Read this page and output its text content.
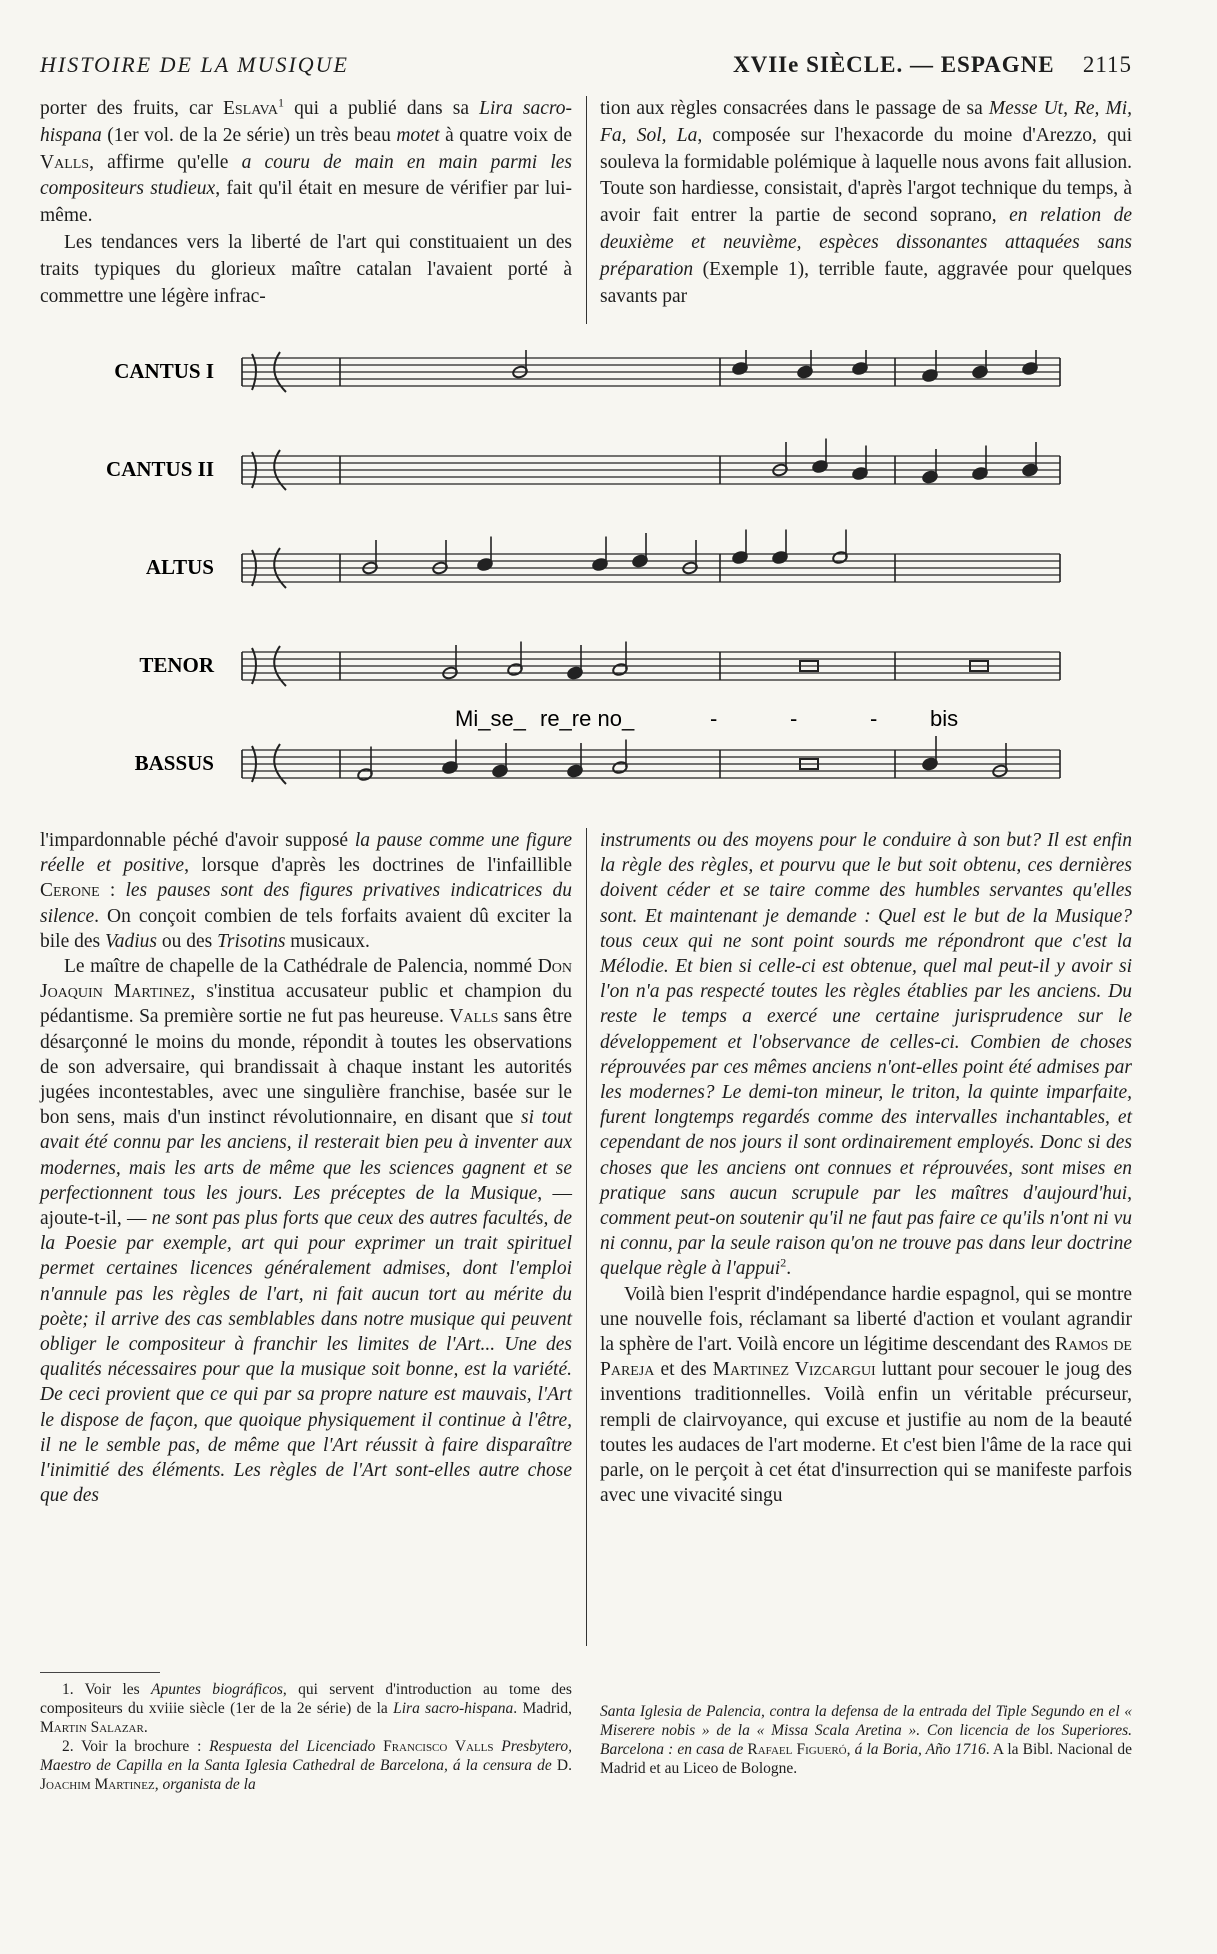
HISTOIRE DE LA MUSIQUE	XVIIe SIÈCLE. — ESPAGNE 2115

porter des fruits, car Eslava$^1$ qui a publié dans sa Lira sacro-hispana (1er vol. de la 2e série) un très beau motet à quatre voix de Valls, affirme qu'elle a couru de main en main parmi les compositeurs studieux, fait qu'il était en mesure de vérifier par lui-même.

Les tendances vers la liberté de l'art qui constituaient un des traits typiques du glorieux maître catalan l'avaient porté à commettre une légère infrac-

tion aux règles consacrées dans le passage de sa Messe Ut, Re, Mi, Fa, Sol, La, composée sur l'hexacorde du moine d'Arezzo, qui souleva la formidable polémique à laquelle nous avons fait allusion. Toute son hardiesse, consistait, d'après l'argot technique du temps, à avoir fait entrer la partie de second soprano, en relation de deuxième et neuvième, espèces dissonantes attaquées sans préparation (Exemple 1), terrible faute, aggravée pour quelques savants par

CANTUS I
CANTUS II
ALTUS
TENOR
BASSUS
Mi_se_ re_re no_	-	-	- bis

l'impardonnable péché d'avoir supposé la pause comme une figure réelle et positive, lorsque d'après les doctrines de l'infaillible Cerone : les pauses sont des figures privatives indicatrices du silence. On conçoit combien de tels forfaits avaient dû exciter la bile des Vadius ou des Trisotins musicaux.

Le maître de chapelle de la Cathédrale de Palencia, nommé Don Joaquin Martinez, s'institua accusateur public et champion du pédantisme. Sa première sortie ne fut pas heureuse. Valls sans être désarçonné le moins du monde, répondit à toutes les observations de son adversaire, qui brandissait à chaque instant les autorités jugées incontestables, avec une singulière franchise, basée sur le bon sens, mais d'un instinct révolutionnaire, en disant que si tout avait été connu par les anciens, il resterait bien peu à inventer aux modernes, mais les arts de même que les sciences gagnent et se perfectionnent tous les jours. Les préceptes de la Musique, — ajoute-t-il, — ne sont pas plus forts que ceux des autres facultés, de la Poesie par exemple, art qui pour exprimer un trait spirituel permet certaines licences généralement admises, dont l'emploi n'annule pas les règles de l'art, ni fait aucun tort au mérite du poète; il arrive des cas semblables dans notre musique qui peuvent obliger le compositeur à franchir les limites de l'Art... Une des qualités nécessaires pour que la musique soit bonne, est la variété. De ceci provient que ce qui par sa propre nature est mauvais, l'Art le dispose de façon, que quoique physiquement il continue à l'être, il ne le semble pas, de même que l'Art réussit à faire disparaître l'inimitié des éléments. Les règles de l'Art sont-elles autre chose que des

instruments ou des moyens pour le conduire à son but? Il est enfin la règle des règles, et pourvu que le but soit obtenu, ces dernières doivent céder et se taire comme des humbles servantes qu'elles sont. Et maintenant je demande : Quel est le but de la Musique? tous ceux qui ne sont point sourds me répondront que c'est la Mélodie. Et bien si celle-ci est obtenue, quel mal peut-il y avoir si l'on n'a pas respecté toutes les règles établies par les anciens. Du reste le temps a exercé une certaine jurisprudence sur le développement et l'observance de celles-ci. Combien de choses réprouvées par ces mêmes anciens n'ont-elles point été admises par les modernes? Le demi-ton mineur, le triton, la quinte imparfaite, furent longtemps regardés comme des intervalles inchantables, et cependant de nos jours il sont ordinairement employés. Donc si des choses que les anciens ont connues et réprouvées, sont mises en pratique sans aucun scrupule par les maîtres d'aujourd'hui, comment peut-on soutenir qu'il ne faut pas faire ce qu'ils n'ont ni vu ni connu, par la seule raison qu'on ne trouve pas dans leur doctrine quelque règle à l'appui$^2$.

Voilà bien l'esprit d'indépendance hardie espagnol, qui se montre une nouvelle fois, réclamant sa liberté d'action et voulant agrandir la sphère de l'art. Voilà encore un légitime descendant des Ramos de Pareja et des Martinez Vizcargui luttant pour secouer le joug des inventions traditionnelles. Voilà enfin un véritable précurseur, rempli de clairvoyance, qui excuse et justifie au nom de la beauté toutes les audaces de l'art moderne. Et c'est bien l'âme de la race qui parle, on le perçoit à cet état d'insurrection qui se manifeste parfois avec une vivacité singu

1. Voir les Apuntes biográficos, qui servent d'introduction au tome des compositeurs du xviiie siècle (1er de la 2e série) de la Lira sacro-hispana. Madrid, Martin Salazar.

2. Voir la brochure : Respuesta del Licenciado Francisco Valls Presbytero, Maestro de Capilla en la Santa Iglesia Cathedral de Barcelona, á la censura de D. Joachim Martinez, organista de la

Santa Iglesia de Palencia, contra la defensa de la entrada del Tiple Segundo en el « Miserere nobis » de la « Missa Scala Aretina ». Con licencia de los Superiores. Barcelona : en casa de Rafael Figueró, á la Boria, Año 1716. A la Bibl. Nacional de Madrid et au Liceo de Bologne.
